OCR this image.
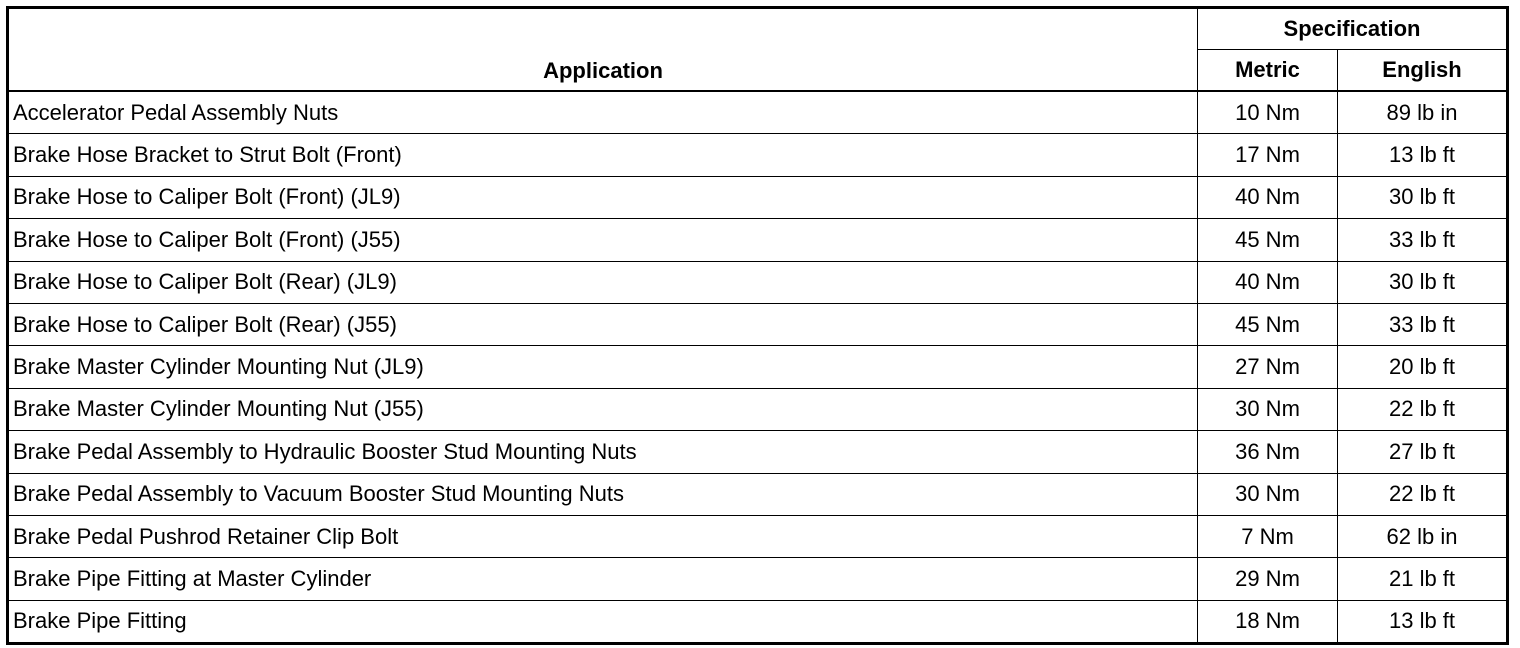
Application	Specification	
	Metric	English
Accelerator Pedal Assembly Nuts	10 Nm	89 lb in
Brake Hose Bracket to Strut Bolt (Front)	17 Nm	13 lb ft
Brake Hose to Caliper Bolt (Front) (JL9)	40 Nm	30 lb ft
Brake Hose to Caliper Bolt (Front) (J55)	45 Nm	33 lb ft
Brake Hose to Caliper Bolt (Rear) (JL9)	40 Nm	30 lb ft
Brake Hose to Caliper Bolt (Rear) (J55)	45 Nm	33 lb ft
Brake Master Cylinder Mounting Nut (JL9)	27 Nm	20 lb ft
Brake Master Cylinder Mounting Nut (J55)	30 Nm	22 lb ft
Brake Pedal Assembly to Hydraulic Booster Stud Mounting Nuts	36 Nm	27 lb ft
Brake Pedal Assembly to Vacuum Booster Stud Mounting Nuts	30 Nm	22 lb ft
Brake Pedal Pushrod Retainer Clip Bolt	7 Nm	62 lb in
Brake Pipe Fitting at Master Cylinder	29 Nm	21 lb ft
Brake Pipe Fitting	18 Nm	13 lb ft
